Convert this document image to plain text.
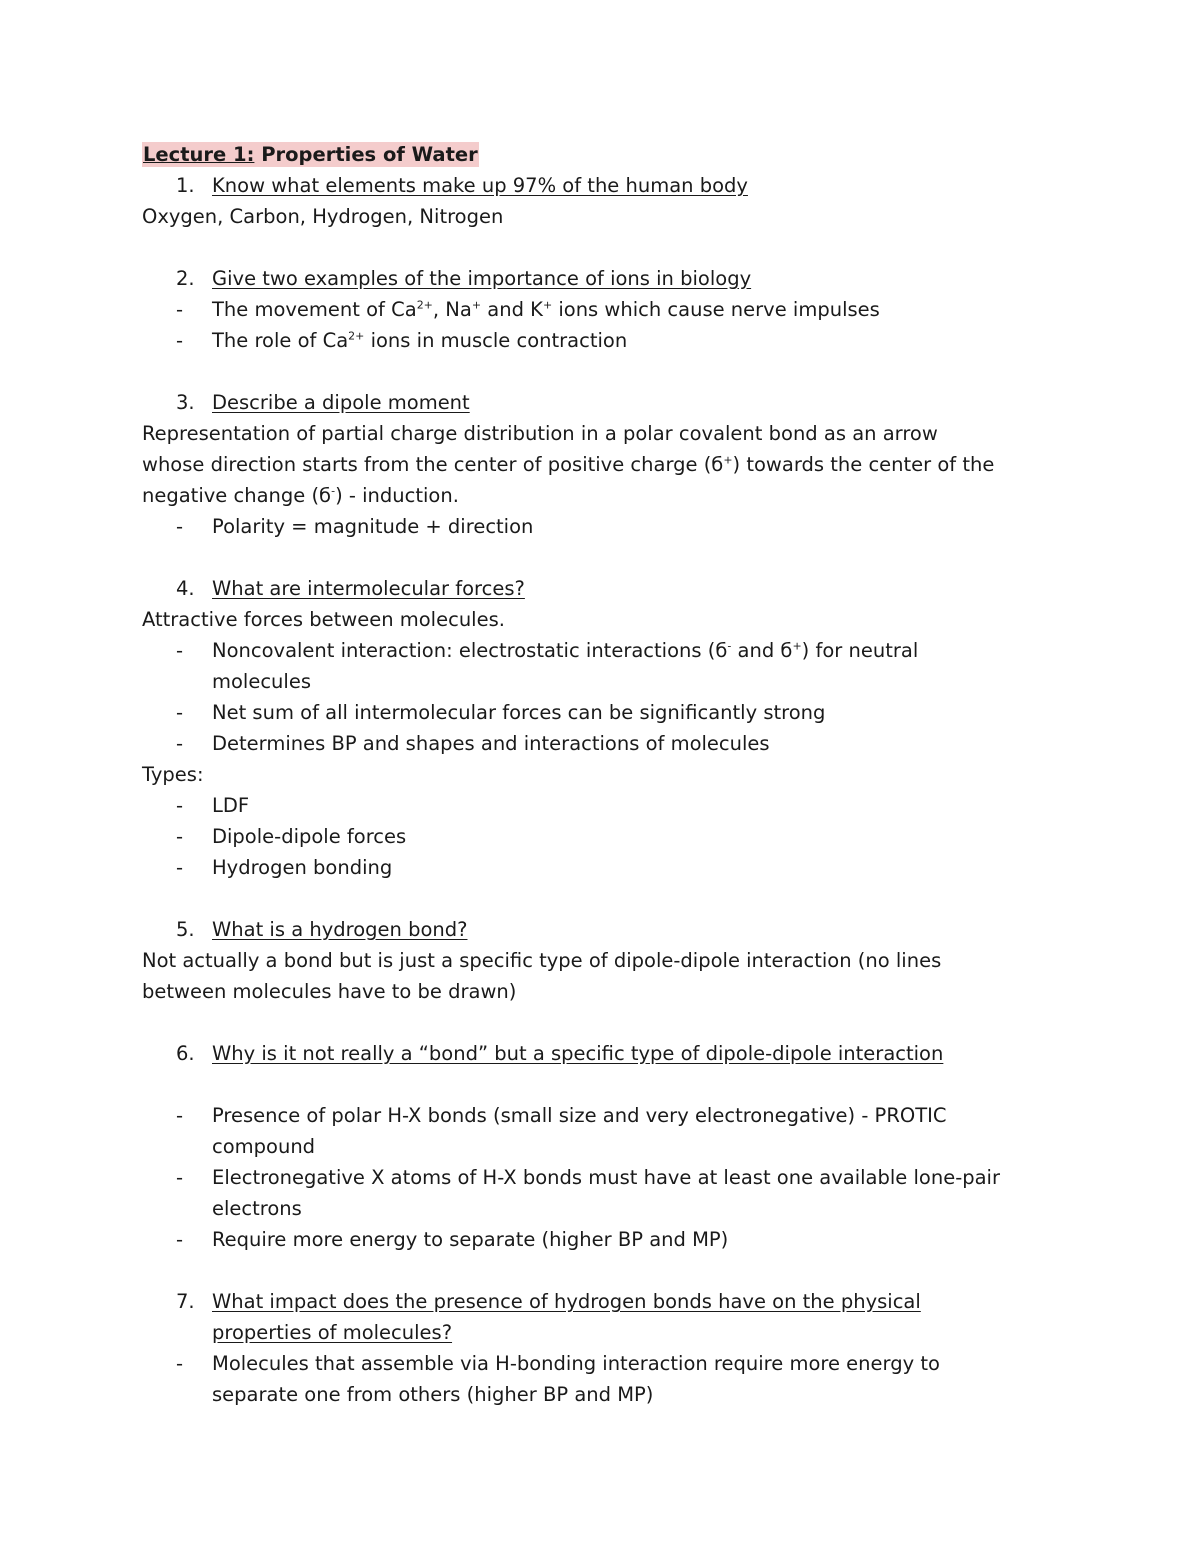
Lecture 1: Properties of Water
1. Know what elements make up 97% of the human body
Oxygen, Carbon, Hydrogen, Nitrogen
2. Give two examples of the importance of ions in biology
- The movement of $Ca^{2+}$, Na+ and K+ ions which cause nerve impulses
- The role of $Ca^{2+}$ ions in muscle contraction
3. Describe a dipole moment
Representation of partial charge distribution in a polar covalent bond as an arrow
whose direction starts from the center of positive charge (б+) towards the center of the
negative change (б-) - induction.
- Polarity = magnitude + direction
4. What are intermolecular forces?
Attractive forces between molecules.
- Noncovalent interaction: electrostatic interactions (б- and б+) for neutral
molecules
- Net sum of all intermolecular forces can be significantly strong
- Determines BP and shapes and interactions of molecules
Types:
- LDF
- Dipole-dipole forces
- Hydrogen bonding
5. What is a hydrogen bond?
Not actually a bond but is just a specific type of dipole-dipole interaction (no lines
between molecules have to be drawn)
6. Why is it not really a “bond” but a specific type of dipole-dipole interaction
- Presence of polar H-X bonds (small size and very electronegative) - PROTIC
compound
- Electronegative X atoms of H-X bonds must have at least one available lone-pair
electrons
- Require more energy to separate (higher BP and MP)
7. What impact does the presence of hydrogen bonds have on the physical
properties of molecules?
- Molecules that assemble via H-bonding interaction require more energy to
separate one from others (higher BP and MP)
